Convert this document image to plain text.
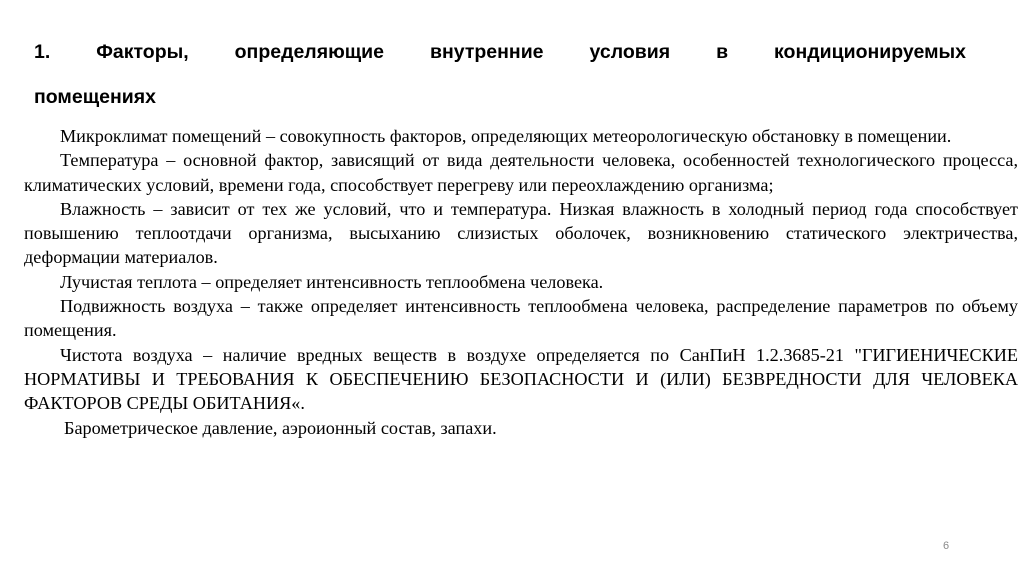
1. Факторы, определяющие внутренние условия в кондиционируемых
помещениях

Микроклимат помещений – совокупность факторов, определяющих метеорологическую обстановку в помещении.

Температура – основной фактор, зависящий от вида деятельности человека, особенностей технологического процесса, климатических условий, времени года, способствует перегреву или переохлаждению организма;

Влажность – зависит от тех же условий, что и температура. Низкая влажность в холодный период года способствует повышению теплоотдачи организма, высыханию слизистых оболочек, возникновению статического электричества, деформации материалов.

Лучистая теплота – определяет интенсивность теплообмена человека.

Подвижность воздуха – также определяет интенсивность теплообмена человека, распределение параметров по объему помещения.

Чистота воздуха – наличие вредных веществ в воздухе определяется по СанПиН 1.2.3685-21 "ГИГИЕНИЧЕСКИЕ НОРМАТИВЫ И ТРЕБОВАНИЯ К ОБЕСПЕЧЕНИЮ БЕЗОПАСНОСТИ И (ИЛИ) БЕЗВРЕДНОСТИ ДЛЯ ЧЕЛОВЕКА ФАКТОРОВ СРЕДЫ ОБИТАНИЯ«.

Барометрическое давление, аэроионный состав, запахи.

6
